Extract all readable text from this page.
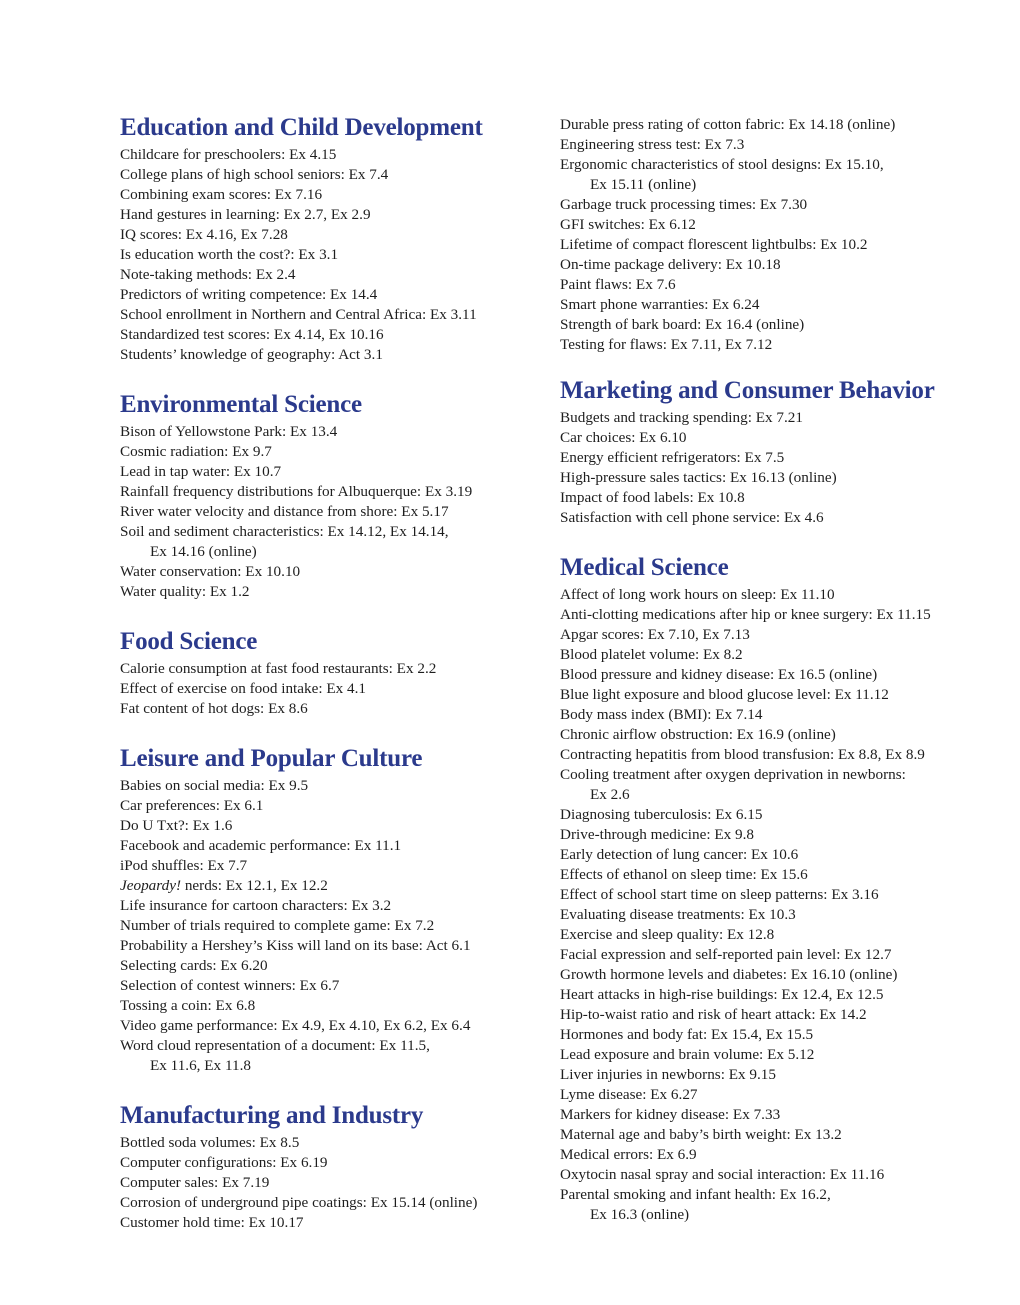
Education and Child Development
Childcare for preschoolers: Ex 4.15
College plans of high school seniors: Ex 7.4
Combining exam scores: Ex 7.16
Hand gestures in learning: Ex 2.7, Ex 2.9
IQ scores: Ex 4.16, Ex 7.28
Is education worth the cost?: Ex 3.1
Note-taking methods: Ex 2.4
Predictors of writing competence: Ex 14.4
School enrollment in Northern and Central Africa: Ex 3.11
Standardized test scores: Ex 4.14, Ex 10.16
Students’ knowledge of geography: Act 3.1
Environmental Science
Bison of Yellowstone Park: Ex 13.4
Cosmic radiation: Ex 9.7
Lead in tap water: Ex 10.7
Rainfall frequency distributions for Albuquerque: Ex 3.19
River water velocity and distance from shore: Ex 5.17
Soil and sediment characteristics: Ex 14.12, Ex 14.14,
Ex 14.16 (online)
Water conservation: Ex 10.10
Water quality: Ex 1.2
Food Science
Calorie consumption at fast food restaurants: Ex 2.2
Effect of exercise on food intake: Ex 4.1
Fat content of hot dogs: Ex 8.6
Leisure and Popular Culture
Babies on social media: Ex 9.5
Car preferences: Ex 6.1
Do U Txt?: Ex 1.6
Facebook and academic performance: Ex 11.1
iPod shuffles: Ex 7.7
Jeopardy! nerds: Ex 12.1, Ex 12.2
Life insurance for cartoon characters: Ex 3.2
Number of trials required to complete game: Ex 7.2
Probability a Hershey’s Kiss will land on its base: Act 6.1
Selecting cards: Ex 6.20
Selection of contest winners: Ex 6.7
Tossing a coin: Ex 6.8
Video game performance: Ex 4.9, Ex 4.10, Ex 6.2, Ex 6.4
Word cloud representation of a document: Ex 11.5,
Ex 11.6, Ex 11.8
Manufacturing and Industry
Bottled soda volumes: Ex 8.5
Computer configurations: Ex 6.19
Computer sales: Ex 7.19
Corrosion of underground pipe coatings: Ex 15.14 (online)
Customer hold time: Ex 10.17
Durable press rating of cotton fabric: Ex 14.18 (online)
Engineering stress test: Ex 7.3
Ergonomic characteristics of stool designs: Ex 15.10,
Ex 15.11 (online)
Garbage truck processing times: Ex 7.30
GFI switches: Ex 6.12
Lifetime of compact florescent lightbulbs: Ex 10.2
On-time package delivery: Ex 10.18
Paint flaws: Ex 7.6
Smart phone warranties: Ex 6.24
Strength of bark board: Ex 16.4 (online)
Testing for flaws: Ex 7.11, Ex 7.12
Marketing and Consumer Behavior
Budgets and tracking spending: Ex 7.21
Car choices: Ex 6.10
Energy efficient refrigerators: Ex 7.5
High-pressure sales tactics: Ex 16.13 (online)
Impact of food labels: Ex 10.8
Satisfaction with cell phone service: Ex 4.6
Medical Science
Affect of long work hours on sleep: Ex 11.10
Anti-clotting medications after hip or knee surgery: Ex 11.15
Apgar scores: Ex 7.10, Ex 7.13
Blood platelet volume: Ex 8.2
Blood pressure and kidney disease: Ex 16.5 (online)
Blue light exposure and blood glucose level: Ex 11.12
Body mass index (BMI): Ex 7.14
Chronic airflow obstruction: Ex 16.9 (online)
Contracting hepatitis from blood transfusion: Ex 8.8, Ex 8.9
Cooling treatment after oxygen deprivation in newborns:
Ex 2.6
Diagnosing tuberculosis: Ex 6.15
Drive-through medicine: Ex 9.8
Early detection of lung cancer: Ex 10.6
Effects of ethanol on sleep time: Ex 15.6
Effect of school start time on sleep patterns: Ex 3.16
Evaluating disease treatments: Ex 10.3
Exercise and sleep quality: Ex 12.8
Facial expression and self-reported pain level: Ex 12.7
Growth hormone levels and diabetes: Ex 16.10 (online)
Heart attacks in high-rise buildings: Ex 12.4, Ex 12.5
Hip-to-waist ratio and risk of heart attack: Ex 14.2
Hormones and body fat: Ex 15.4, Ex 15.5
Lead exposure and brain volume: Ex 5.12
Liver injuries in newborns: Ex 9.15
Lyme disease: Ex 6.27
Markers for kidney disease: Ex 7.33
Maternal age and baby’s birth weight: Ex 13.2
Medical errors: Ex 6.9
Oxytocin nasal spray and social interaction: Ex 11.16
Parental smoking and infant health: Ex 16.2,
Ex 16.3 (online)
